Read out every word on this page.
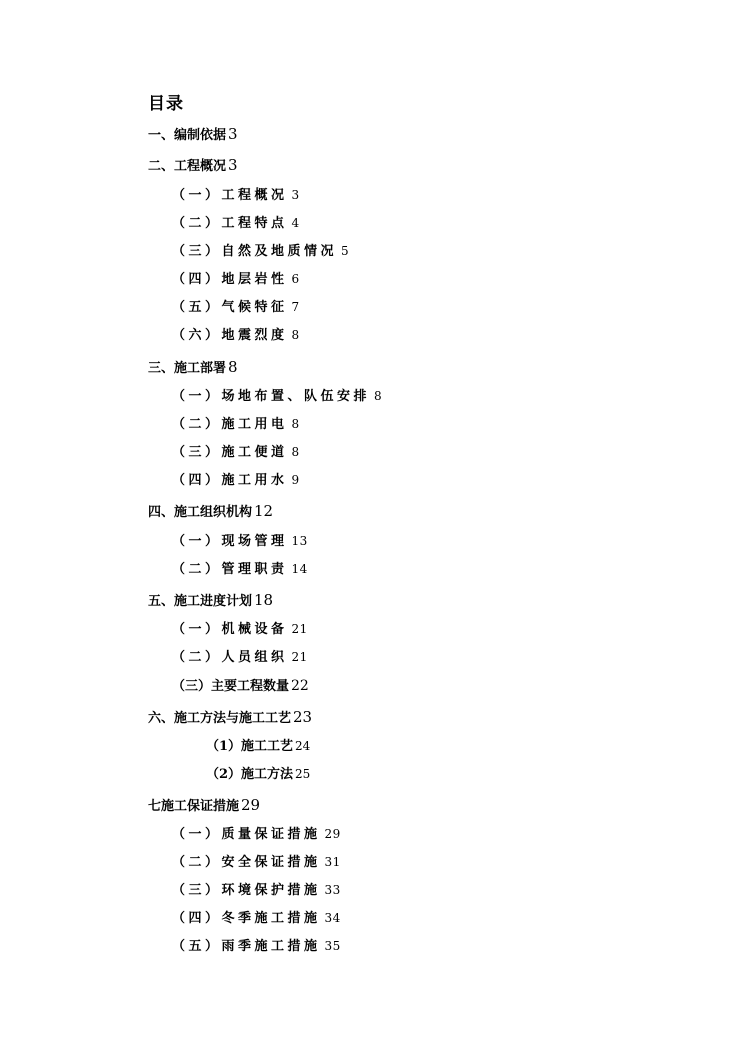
目录
一、编制依据 3
二、工程概况 3
（一）工程概况 3
（二）工程特点 4
（三）自然及地质情况 5
（四）地层岩性 6
（五）气候特征 7
（六）地震烈度 8
三、施工部署 8
（一）场地布置、队伍安排 8
（二）施工用电 8
（三）施工便道 8
（四）施工用水 9
四、施工组织机构 12
（一）现场管理 13
（二）管理职责 14
五、施工进度计划 18
（一）机械设备 21
（二）人员组织 21
（三）主要工程数量 22
六、施工方法与施工工艺 23
（1）施工工艺 24
（2）施工方法 25
七施工保证措施 29
（一）质量保证措施 29
（二）安全保证措施 31
（三）环境保护措施 33
（四）冬季施工措施 34
（五）雨季施工措施 35
